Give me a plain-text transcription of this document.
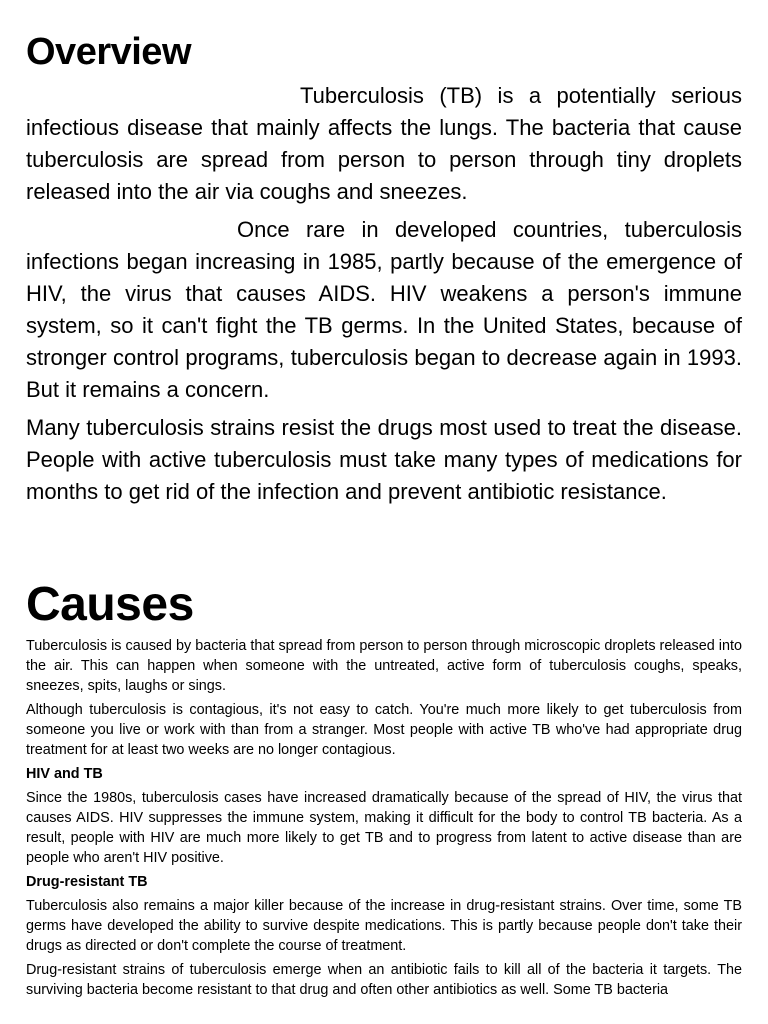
Overview

Tuberculosis (TB) is a potentially serious infectious disease that mainly affects the lungs. The bacteria that cause tuberculosis are spread from person to person through tiny droplets released into the air via coughs and sneezes.

Once rare in developed countries, tuberculosis infections began increasing in 1985, partly because of the emergence of HIV, the virus that causes AIDS. HIV weakens a person's immune system, so it can't fight the TB germs. In the United States, because of stronger control programs, tuberculosis began to decrease again in 1993. But it remains a concern.

Many tuberculosis strains resist the drugs most used to treat the disease. People with active tuberculosis must take many types of medications for months to get rid of the infection and prevent antibiotic resistance.

Causes

Tuberculosis is caused by bacteria that spread from person to person through microscopic droplets released into the air. This can happen when someone with the untreated, active form of tuberculosis coughs, speaks, sneezes, spits, laughs or sings.

Although tuberculosis is contagious, it's not easy to catch. You're much more likely to get tuberculosis from someone you live or work with than from a stranger. Most people with active TB who've had appropriate drug treatment for at least two weeks are no longer contagious.

HIV and TB

Since the 1980s, tuberculosis cases have increased dramatically because of the spread of HIV, the virus that causes AIDS. HIV suppresses the immune system, making it difficult for the body to control TB bacteria. As a result, people with HIV are much more likely to get TB and to progress from latent to active disease than are people who aren't HIV positive.

Drug-resistant TB

Tuberculosis also remains a major killer because of the increase in drug-resistant strains. Over time, some TB germs have developed the ability to survive despite medications. This is partly because people don't take their drugs as directed or don't complete the course of treatment.

Drug-resistant strains of tuberculosis emerge when an antibiotic fails to kill all of the bacteria it targets. The surviving bacteria become resistant to that drug and often other antibiotics as well. Some TB bacteria
